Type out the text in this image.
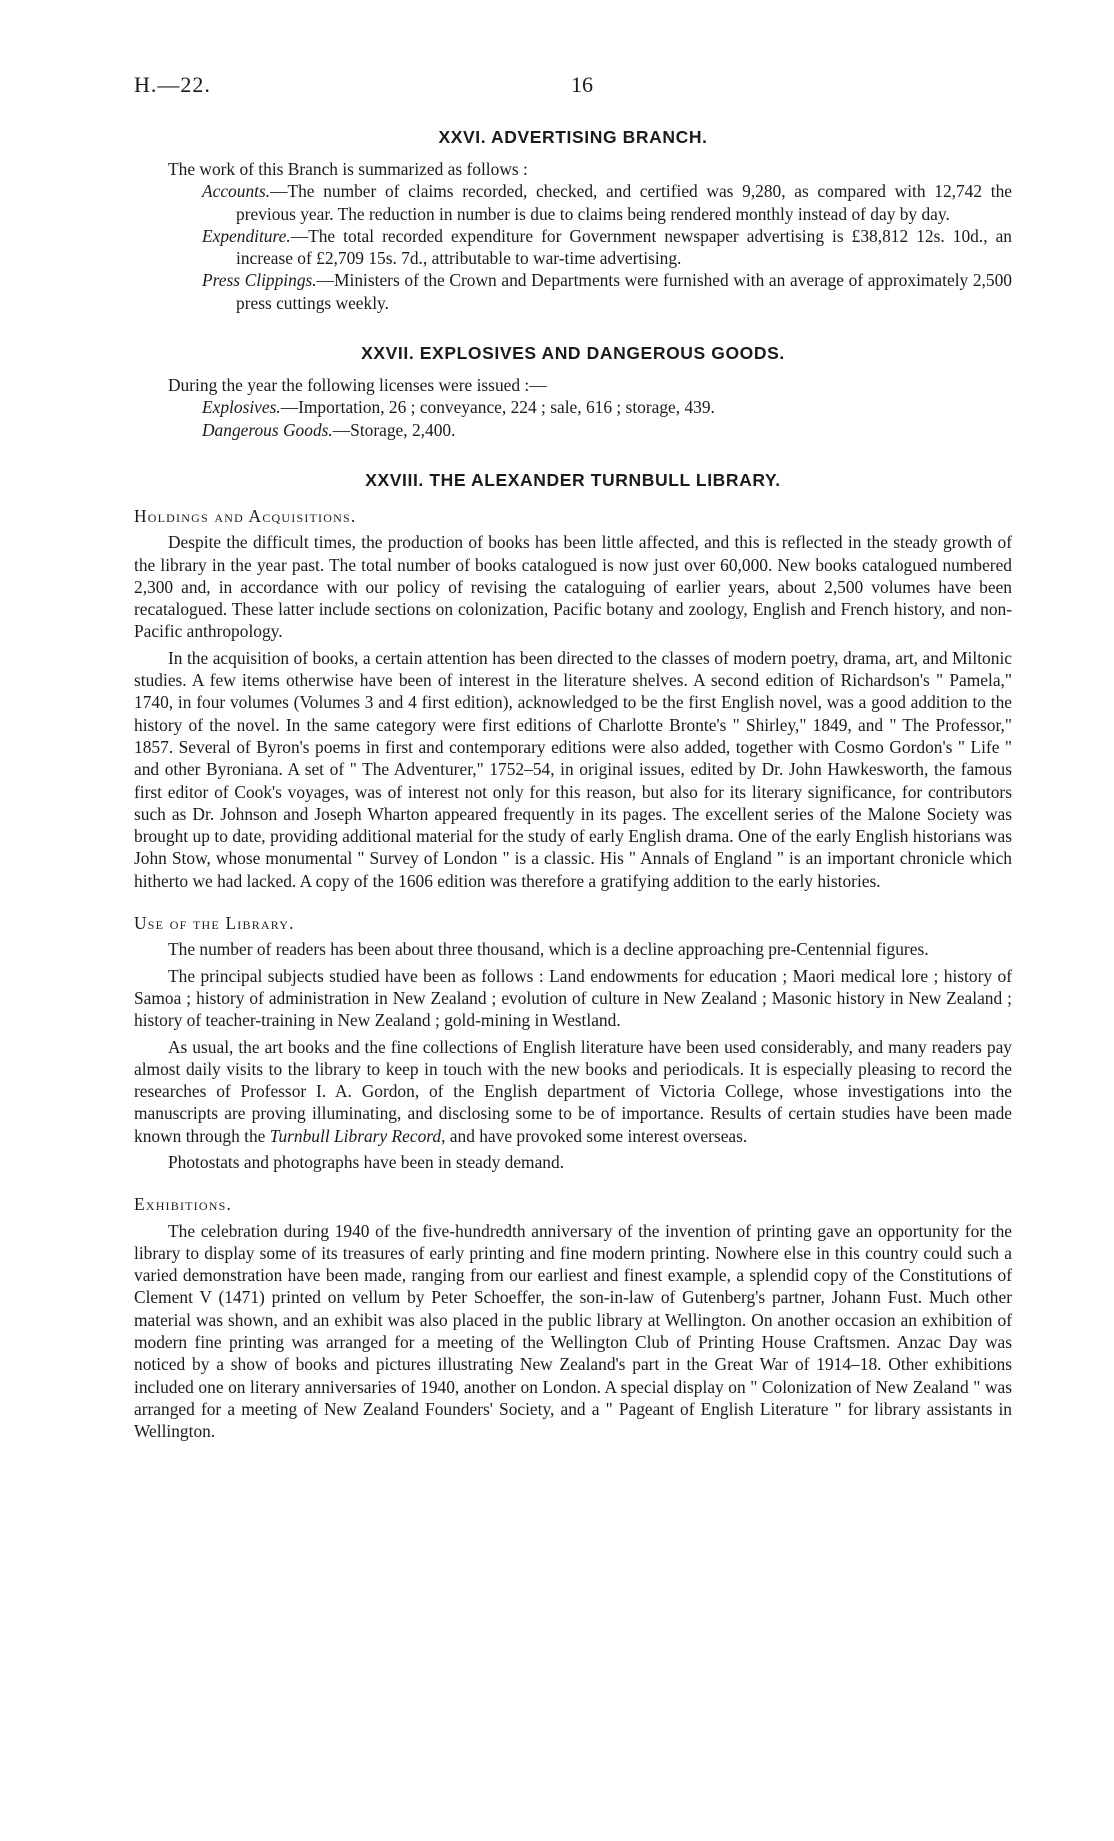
H.—22.	16
XXVI. ADVERTISING BRANCH.

The work of this Branch is summarized as follows :

Accounts.—The number of claims recorded, checked, and certified was 9,280, as compared with 12,742 the previous year. The reduction in number is due to claims being rendered monthly instead of day by day.

Expenditure.—The total recorded expenditure for Government newspaper advertising is £38,812 12s. 10d., an increase of £2,709 15s. 7d., attributable to war-time advertising.

Press Clippings.—Ministers of the Crown and Departments were furnished with an average of approximately 2,500 press cuttings weekly.

XXVII. EXPLOSIVES AND DANGEROUS GOODS.

During the year the following licenses were issued :—

Explosives.—Importation, 26 ; conveyance, 224 ; sale, 616 ; storage, 439.

Dangerous Goods.—Storage, 2,400.

XXVIII. THE ALEXANDER TURNBULL LIBRARY.

Holdings and Acquisitions.

Despite the difficult times, the production of books has been little affected, and this is reflected in the steady growth of the library in the year past. The total number of books catalogued is now just over 60,000. New books catalogued numbered 2,300 and, in accordance with our policy of revising the cataloguing of earlier years, about 2,500 volumes have been recatalogued. These latter include sections on colonization, Pacific botany and zoology, English and French history, and non-Pacific anthropology.

In the acquisition of books, a certain attention has been directed to the classes of modern poetry, drama, art, and Miltonic studies. A few items otherwise have been of interest in the literature shelves. A second edition of Richardson's " Pamela," 1740, in four volumes (Volumes 3 and 4 first edition), acknowledged to be the first English novel, was a good addition to the history of the novel. In the same category were first editions of Charlotte Bronte's " Shirley," 1849, and " The Professor," 1857. Several of Byron's poems in first and contemporary editions were also added, together with Cosmo Gordon's " Life " and other Byroniana. A set of " The Adventurer," 1752–54, in original issues, edited by Dr. John Hawkesworth, the famous first editor of Cook's voyages, was of interest not only for this reason, but also for its literary significance, for contributors such as Dr. Johnson and Joseph Wharton appeared frequently in its pages. The excellent series of the Malone Society was brought up to date, providing additional material for the study of early English drama. One of the early English historians was John Stow, whose monumental " Survey of London " is a classic. His " Annals of England " is an important chronicle which hitherto we had lacked. A copy of the 1606 edition was therefore a gratifying addition to the early histories.

Use of the Library.

The number of readers has been about three thousand, which is a decline approaching pre-Centennial figures.

The principal subjects studied have been as follows : Land endowments for education ; Maori medical lore ; history of Samoa ; history of administration in New Zealand ; evolution of culture in New Zealand ; Masonic history in New Zealand ; history of teacher-training in New Zealand ; gold-mining in Westland.

As usual, the art books and the fine collections of English literature have been used considerably, and many readers pay almost daily visits to the library to keep in touch with the new books and periodicals. It is especially pleasing to record the researches of Professor I. A. Gordon, of the English department of Victoria College, whose investigations into the manuscripts are proving illuminating, and disclosing some to be of importance. Results of certain studies have been made known through the Turnbull Library Record, and have provoked some interest overseas.

Photostats and photographs have been in steady demand.

Exhibitions.

The celebration during 1940 of the five-hundredth anniversary of the invention of printing gave an opportunity for the library to display some of its treasures of early printing and fine modern printing. Nowhere else in this country could such a varied demonstration have been made, ranging from our earliest and finest example, a splendid copy of the Constitutions of Clement V (1471) printed on vellum by Peter Schoeffer, the son-in-law of Gutenberg's partner, Johann Fust. Much other material was shown, and an exhibit was also placed in the public library at Wellington. On another occasion an exhibition of modern fine printing was arranged for a meeting of the Wellington Club of Printing House Craftsmen. Anzac Day was noticed by a show of books and pictures illustrating New Zealand's part in the Great War of 1914–18. Other exhibitions included one on literary anniversaries of 1940, another on London. A special display on " Colonization of New Zealand " was arranged for a meeting of New Zealand Founders' Society, and a " Pageant of English Literature " for library assistants in Wellington.
